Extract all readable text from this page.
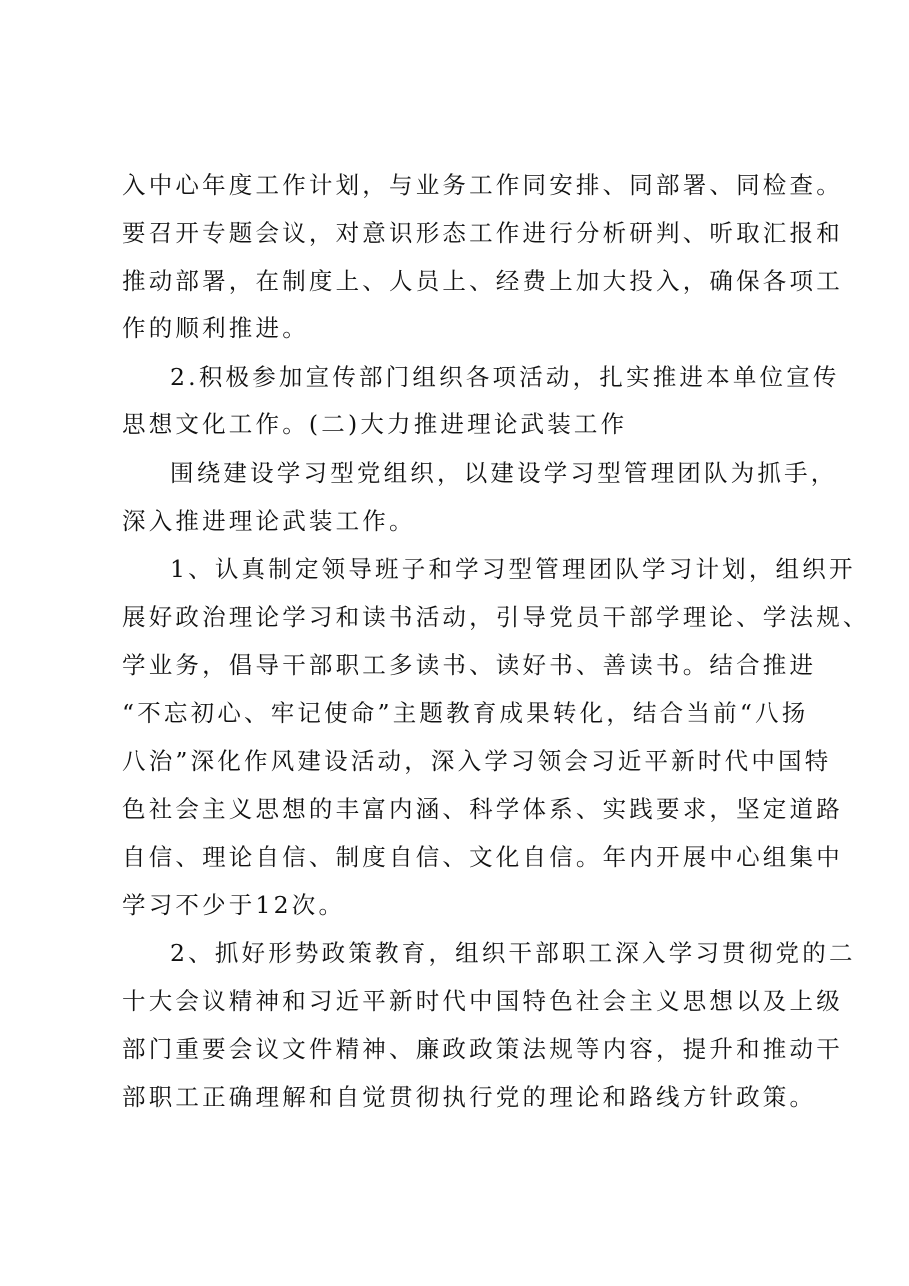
入中心年度工作计划，与业务工作同安排、同部署、同检查。
要召开专题会议，对意识形态工作进行分析研判、听取汇报和
推动部署，在制度上、人员上、经费上加大投入，确保各项工
作的顺利推进。
2.积极参加宣传部门组织各项活动，扎实推进本单位宣传
思想文化工作。(二)大力推进理论武装工作
围绕建设学习型党组织，以建设学习型管理团队为抓手，
深入推进理论武装工作。
1、认真制定领导班子和学习型管理团队学习计划，组织开
展好政治理论学习和读书活动，引导党员干部学理论、学法规、
学业务，倡导干部职工多读书、读好书、善读书。结合推进
“不忘初心、牢记使命”主题教育成果转化，结合当前“八扬
八治”深化作风建设活动，深入学习领会习近平新时代中国特
色社会主义思想的丰富内涵、科学体系、实践要求，坚定道路
自信、理论自信、制度自信、文化自信。年内开展中心组集中
学习不少于12次。
2、抓好形势政策教育，组织干部职工深入学习贯彻党的二
十大会议精神和习近平新时代中国特色社会主义思想以及上级
部门重要会议文件精神、廉政政策法规等内容，提升和推动干
部职工正确理解和自觉贯彻执行党的理论和路线方针政策。
